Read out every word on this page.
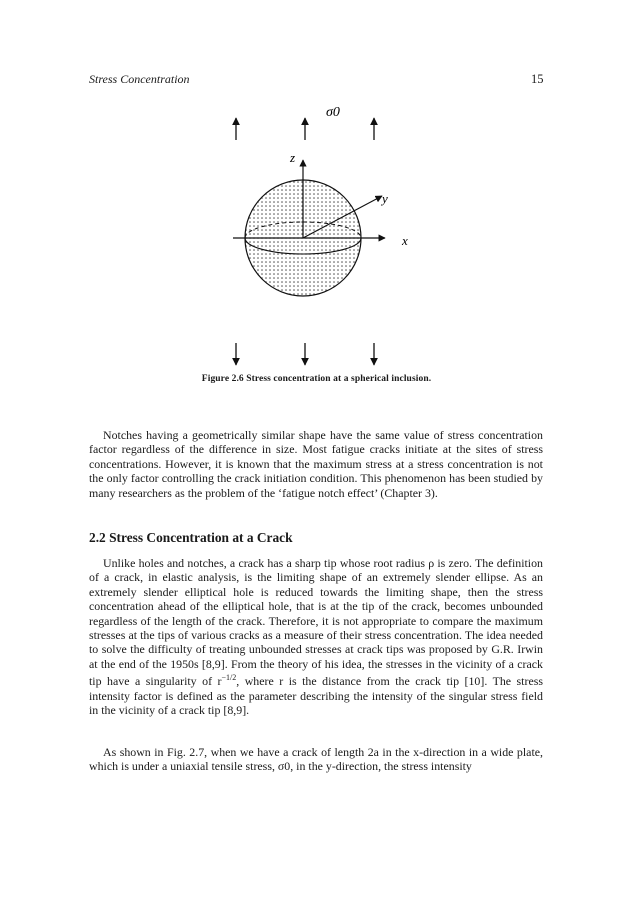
Stress Concentration	15
σ0
z
y
x
Figure 2.6 Stress concentration at a spherical inclusion.

Notches having a geometrically similar shape have the same value of stress concentration factor regardless of the difference in size. Most fatigue cracks initiate at the sites of stress concentrations. However, it is known that the maximum stress at a stress concentration is not the only factor controlling the crack initiation condition. This phenomenon has been studied by many researchers as the problem of the ‘fatigue notch effect’ (Chapter 3).

2.2 Stress Concentration at a Crack

Unlike holes and notches, a crack has a sharp tip whose root radius ρ is zero. The definition of a crack, in elastic analysis, is the limiting shape of an extremely slender ellipse. As an extremely slender elliptical hole is reduced towards the limiting shape, then the stress concentration ahead of the elliptical hole, that is at the tip of the crack, becomes unbounded regardless of the length of the crack. Therefore, it is not appropriate to compare the maximum stresses at the tips of various cracks as a measure of their stress concentration. The idea needed to solve the difficulty of treating unbounded stresses at crack tips was proposed by G.R. Irwin at the end of the 1950s [8,9]. From the theory of his idea, the stresses in the vicinity of a crack tip have a singularity of $r^{-1/2}$, where r is the distance from the crack tip [10]. The stress intensity factor is defined as the parameter describing the intensity of the singular stress field in the vicinity of a crack tip [8,9].

As shown in Fig. 2.7, when we have a crack of length 2a in the x-direction in a wide plate, which is under a uniaxial tensile stress, σ0, in the y-direction, the stress intensity
